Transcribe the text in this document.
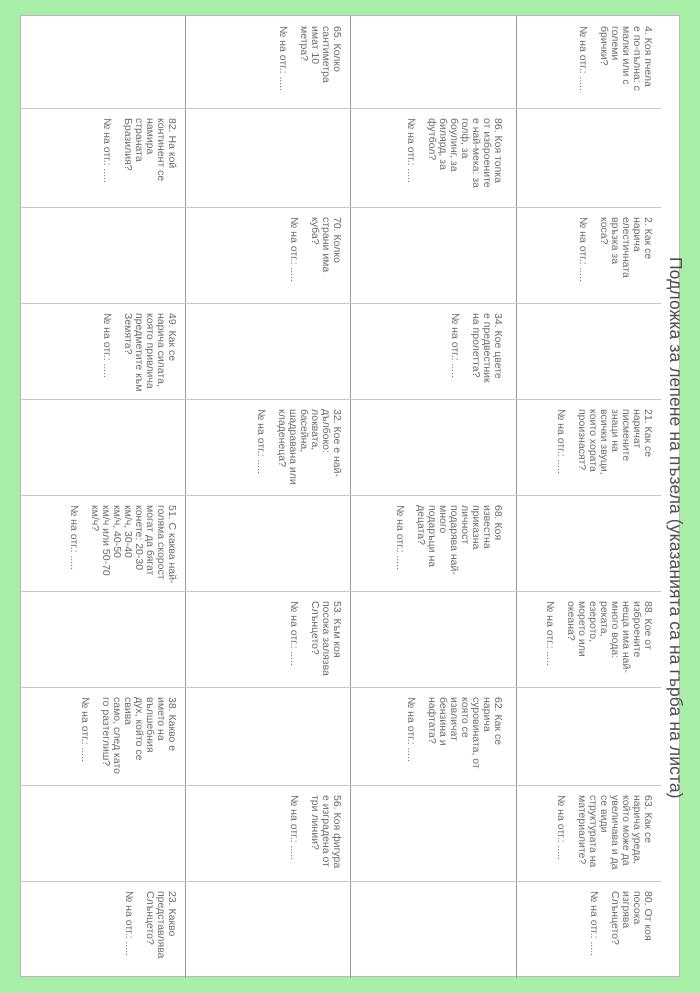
4. Коя пчела
е по-пълна: с
малки или с
големи
брички?
№ на отг.: .....
2. Как се
нарича
елестичната
връзка за
коса?
№ на отг.: .....
21. Как се
наричат
писмените
знаци на
всички звуци,
които хората
произнасят?
№ на отг.: .....
88. Кое от
изброените
неща има най-
много вода:
реката,
езерото,
морето или
океана?
№ на отг.: .....
63. Как се
нарича уреда,
който може да
увеличава и да
се види
структурата на
материалите?
№ на отг.: .....
80. От коя
посока
изгрява
Слънцето?
№ на отг.: .....
86. Коя топка
от изброените
е най-мека: за
голф, за
боулинг, за
билярд, за
футбол?
№ на отг.: .....
34. Кое цвете
е предвестник
на пролетта?
№ на отг.: .....
68. Коя
известна
приказна
личност
подарява най-
много
подаръци на
децата?
№ на отг.: .....
62. Как се
нарича
суровината, от
която се
извличат
бензина и
нафтата?
№ на отг.: .....
65. Колко
сантиметра
имат 10
метра?
№ на отг.: .....
70. Колко
страни има
куба?
№ на отг.: .....
32. Кое е най-
дълбоко:
локвата,
басейна,
шадравана или
кладенеца?
№ на отг.: .....
53. Към коя
посока залязва
Слънцето?
№ на отг.: .....
56. Коя фигура
е изградена от
три линии?
№ на отг.: .....
82. На кой
континент се
намира
страната
Бразилия?
№ на отг.: .....
49. Как се
нарича силата,
която привлича
предметите към
Земята?
№ на отг.: .....
51. С каква най-
голяма скорост
могат да бягат
конете: 20-30
км/ч, 30-40
км/ч, 40-50
км/ч или 50-70
км/ч?
№ на отг.: .....
38. Какво е
името на
вълшебния
дух, който се
свива
само, след като
го разтеглиш?
№ на отг.: .....
23. Какво
представлява
Слънцето?
№ на отг.: .....
Подложка за лепене на пъзела (указанията са на гърба на листа)
